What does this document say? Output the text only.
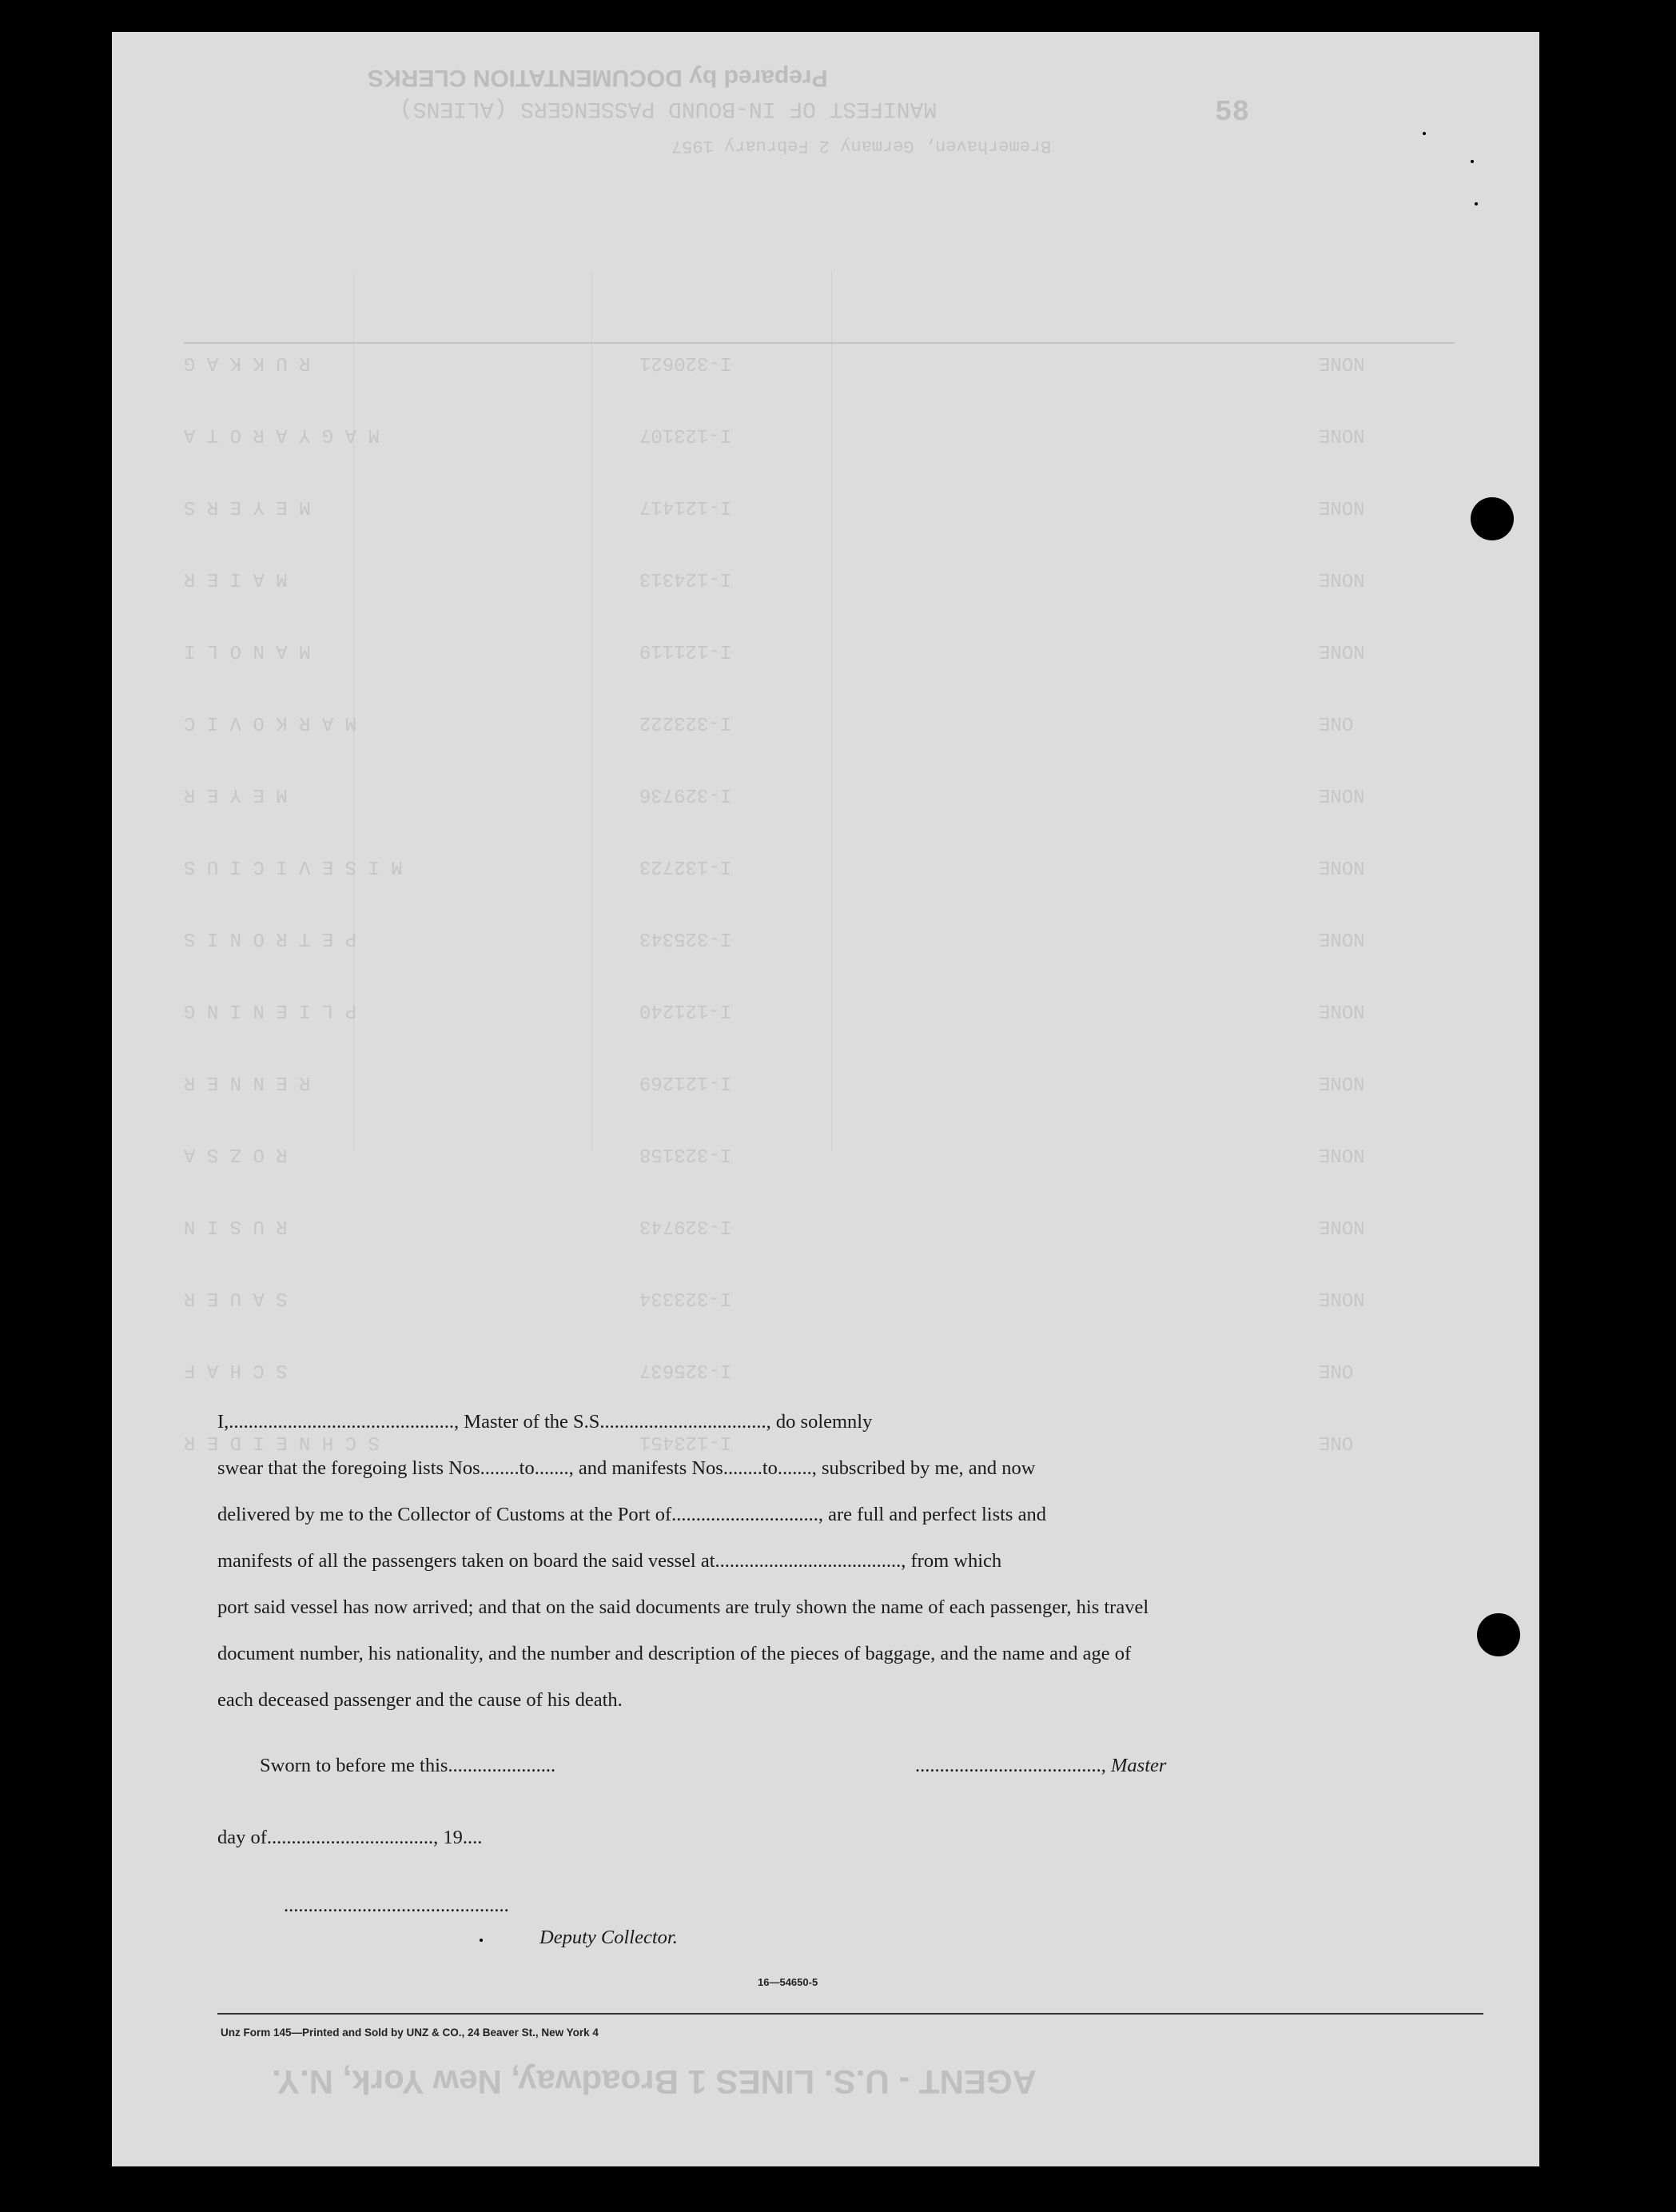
Prepared by DOCUMENTATION CLERKS
MANIFEST OF IN-BOUND PASSENGERS (ALIENS)	58
Bremerhaven, Germany 2 February 1957
NONE
I-320621
R U K K A G
NONE
I-123107
M A G Y A R O T A
NONE
I-121417
M E Y E R S
NONE
I-124313
M A I E R
NONE
I-121119
M A N O L I
ONE
I-323222
M A R K O V I C
NONE
I-329736
M E Y E R
NONE
I-132723
M I S E V I C I U S
NONE
I-325343
P E T R O N I S
NONE
I-121240
P L I E N I N G
NONE
I-121269
R E N N E R
NONE
I-323158
R O Z S A
NONE
I-329743
R U S I N
NONE
I-323334
S A U E R
ONE
I-325637
S C H A F
ONE
I-123451
S C H N E I D E R
AGENT - U.S. LINES 1 Broadway, New York, N.Y.
I,.............................................., Master of the S.S.................................., do solemnly
swear that the foregoing lists Nos........to......., and manifests Nos........to......., subscribed by me, and now
delivered by me to the Collector of Customs at the Port of.............................., are full and perfect lists and
manifests of all the passengers taken on board the said vessel at......................................, from which
port said vessel has now arrived; and that on the said documents are truly shown the name of each passenger, his travel
document number, his nationality, and the number and description of the pieces of baggage, and the name and age of
each deceased passenger and the cause of his death.
Sworn to before me this......................	......................................, Master
day of.................................., 19....
..............................................
Deputy Collector.
16—54650-5
Unz Form 145—Printed and Sold by UNZ & CO., 24 Beaver St., New York 4
